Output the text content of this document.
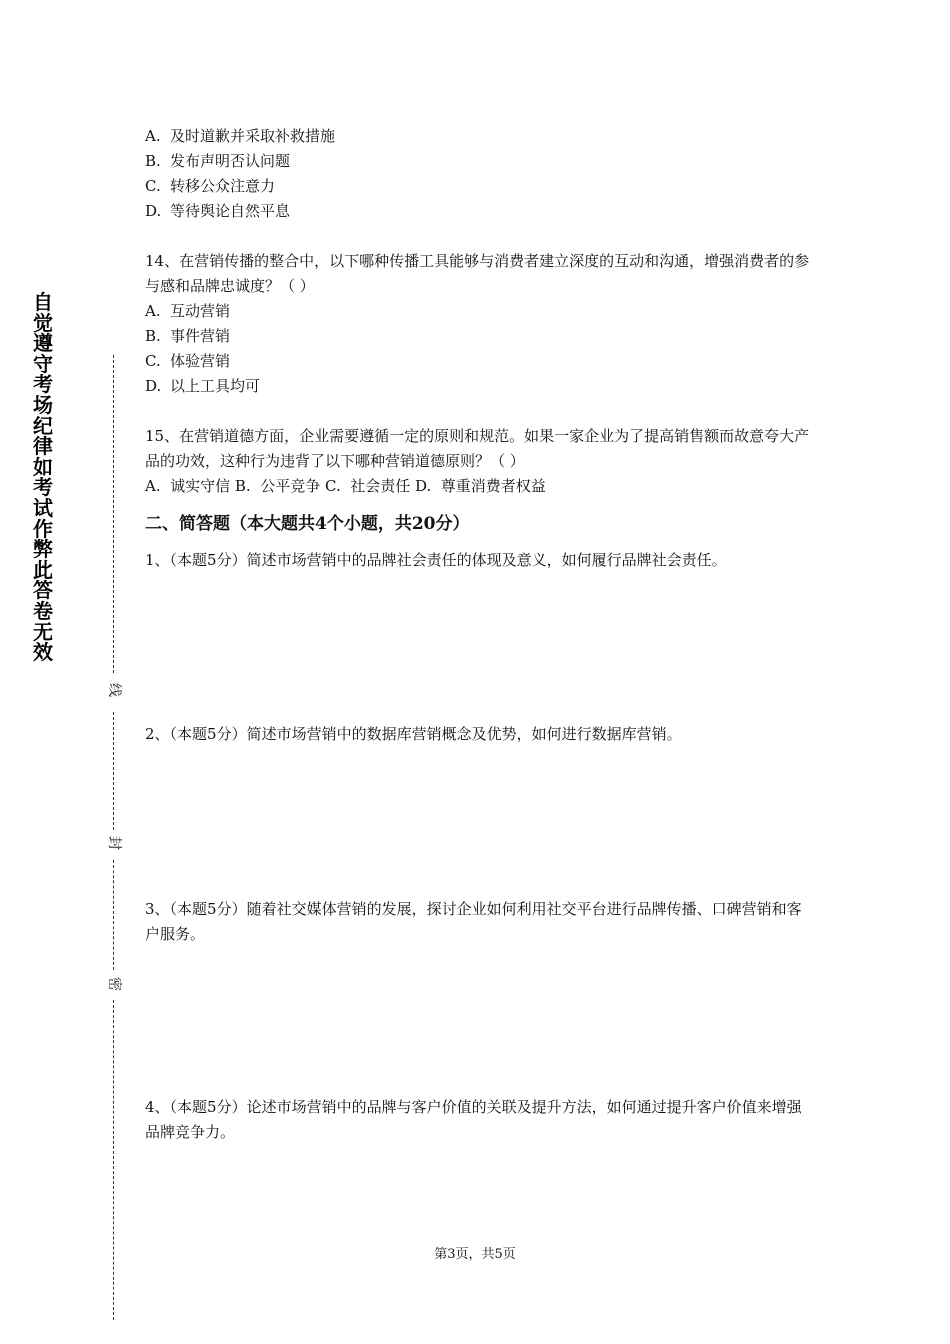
自觉遵守考场纪律如考试作弊此答卷无效
线
封
密

A. 及时道歉并采取补救措施

B. 发布声明否认问题

C. 转移公众注意力

D. 等待舆论自然平息

14、在营销传播的整合中，以下哪种传播工具能够与消费者建立深度的互动和沟通，增强消费者的参与感和品牌忠诚度？（ ）

A. 互动营销

B. 事件营销

C. 体验营销

D. 以上工具均可

15、在营销道德方面，企业需要遵循一定的原则和规范。如果一家企业为了提高销售额而故意夸大产品的功效，这种行为违背了以下哪种营销道德原则？（ ）

A.  诚实守信 B.  公平竞争 C.  社会责任 D.  尊重消费者权益

二、简答题（本大题共4个小题，共20分）

1、（本题5分）简述市场营销中的品牌社会责任的体现及意义，如何履行品牌社会责任。

2、（本题5分）简述市场营销中的数据库营销概念及优势，如何进行数据库营销。

3、（本题5分）随着社交媒体营销的发展，探讨企业如何利用社交平台进行品牌传播、口碑营销和客户服务。

4、（本题5分）论述市场营销中的品牌与客户价值的关联及提升方法，如何通过提升客户价值来增强品牌竞争力。

第3页，共5页
